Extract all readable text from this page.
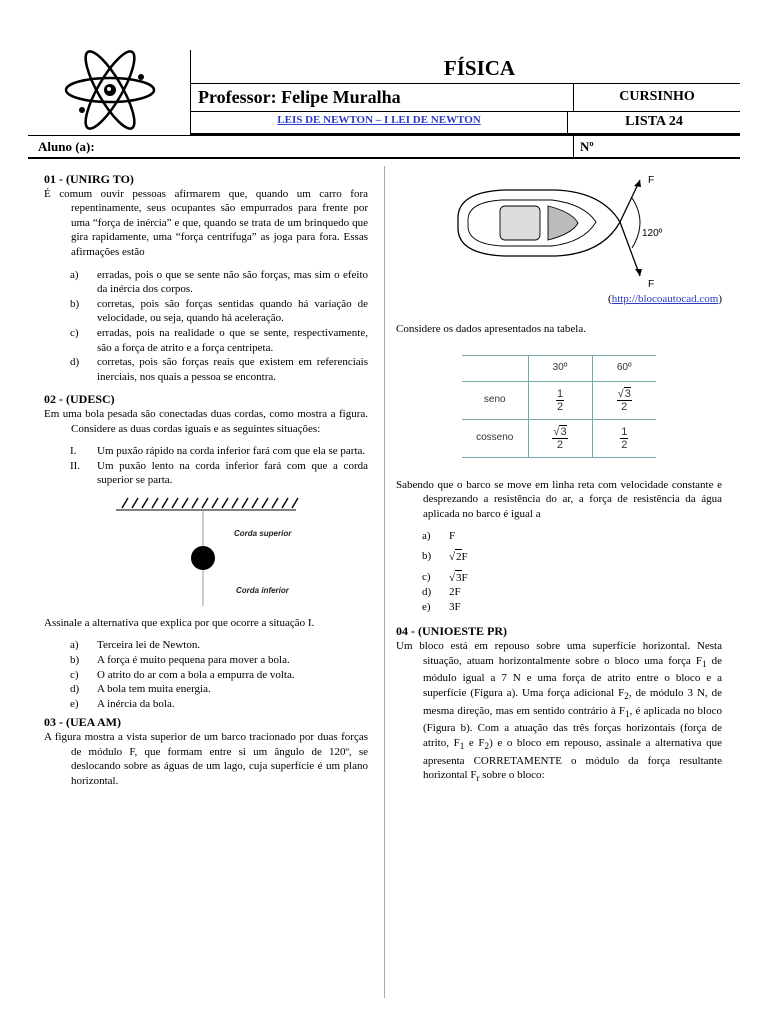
FÍSICA
Professor: Felipe Muralha	CURSINHO
LEIS DE NEWTON – I LEI DE NEWTON	LISTA 24
Aluno (a):	Nº
01 - (UNIRG TO)
É comum ouvir pessoas afirmarem que, quando um carro fora repentinamente, seus ocupantes são empurrados para frente por uma “força de inércia” e que, quando se trata de um brinquedo que gira rapidamente, uma “força centrífuga” as joga para fora. Essas afirmações estão
a)	erradas, pois o que se sente não são forças, mas sim o efeito da inércia dos corpos.
b)	corretas, pois são forças sentidas quando há variação de velocidade, ou seja, quando há aceleração.
c)	erradas, pois na realidade o que se sente, respectivamente, são a força de atrito e a força centripeta.
d)	corretas, pois são forças reais que existem em referenciais inerciais, nos quais a pessoa se encontra.
02 - (UDESC)
Em uma bola pesada são conectadas duas cordas, como mostra a figura. Considere as duas cordas iguais e as seguintes situações:
I.	Um puxão rápido na corda inferior fará com que ela se parta.
II.	Um puxão lento na corda inferior fará com que a corda superior se parta.
Corda superior
Corda inferior
Assinale a alternativa que explica por que ocorre a situação I.
a)	Terceira lei de Newton.
b)	A força é muito pequena para mover a bola.
c)	O atrito do ar com a bola a empurra de volta.
d)	A bola tem muita energia.
e)	A inércia da bola.
03 - (UEA AM)
A figura mostra a vista superior de um barco tracionado por duas forças de módulo F, que formam entre si um ângulo de 120º, se deslocando sobre as águas de um lago, cuja superfície é um plano horizontal.
F
F
120º
(http://blocoautocad.com)
Considere os dados apresentados na tabela.
	30º	60º
seno	$\frac{1}{2}$	$\frac{√3}{2}$
cosseno	$\frac{√3}{2}$	$\frac{1}{2}$
Sabendo que o barco se move em linha reta com velocidade constante e desprezando a resistência do ar, a força de resistência da água aplicada no barco é igual a
a)	F
b)	√2F
c)	√3F
d)	2F
e)	3F
04 - (UNIOESTE PR)
Um bloco está em repouso sobre uma superfície horizontal. Nesta situação, atuam horizontalmente sobre o bloco uma força $F_1$ de módulo igual a 7 N e uma força de atrito entre o bloco e a superfície (Figura a). Uma força adicional $F_2$, de módulo 3 N, de mesma direção, mas em sentido contrário à $F_1$, é aplicada no bloco (Figura b). Com a atuação das três forças horizontais (força de atrito, $F_1$ e $F_2$) e o bloco em repouso, assinale a alternativa que apresenta CORRETAMENTE o módulo da força resultante horizontal $F_r$ sobre o bloco:
